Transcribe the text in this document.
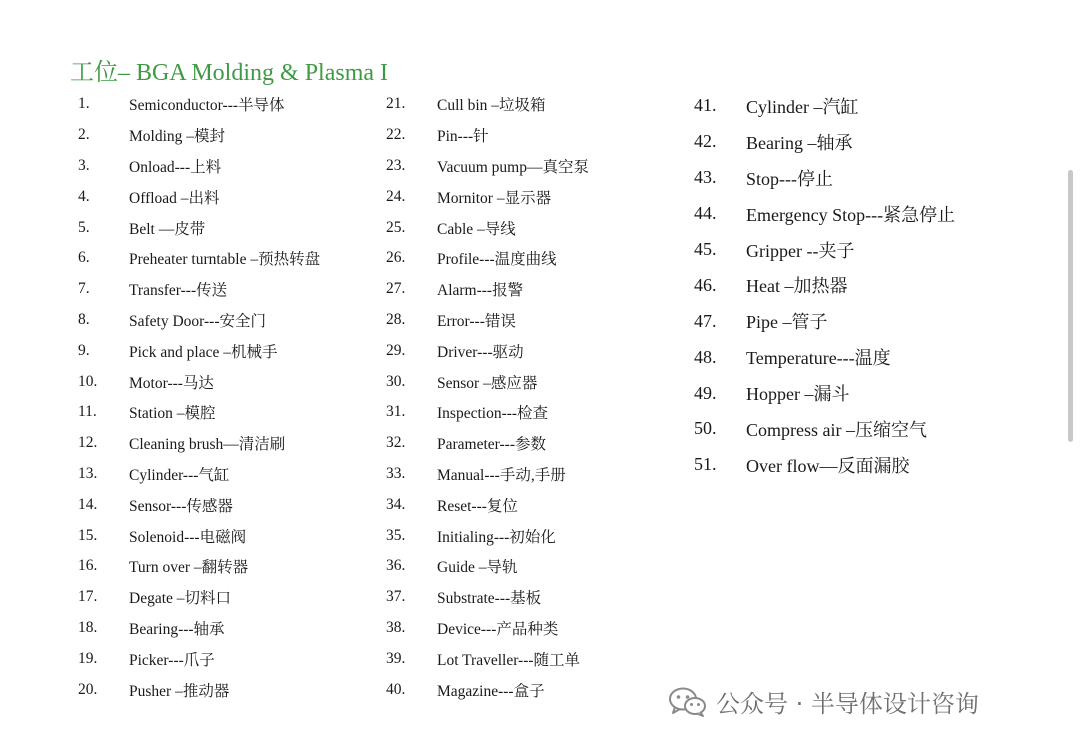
工位– BGA Molding & Plasma I
1.	Semiconductor---半导体
2.	Molding –模封
3.	Onload---上料
4.	Offload –出料
5.	Belt —皮带
6.	Preheater turntable –预热转盘
7.	Transfer---传送
8.	Safety Door---安全门
9.	Pick and place –机械手
10.	Motor---马达
11.	Station –模腔
12.	Cleaning brush—清洁刷
13.	Cylinder---气缸
14.	Sensor---传感器
15.	Solenoid---电磁阀
16.	Turn over –翻转器
17.	Degate –切料口
18.	Bearing---轴承
19.	Picker---爪子
20.	Pusher –推动器
21.	Cull bin –垃圾箱
22.	Pin---针
23.	Vacuum pump—真空泵
24.	Mornitor –显示器
25.	Cable –导线
26.	Profile---温度曲线
27.	Alarm---报警
28.	Error---错误
29.	Driver---驱动
30.	Sensor –感应器
31.	Inspection---检查
32.	Parameter---参数
33.	Manual---手动,手册
34.	Reset---复位
35.	Initialing---初始化
36.	Guide –导轨
37.	Substrate---基板
38.	Device---产品种类
39.	Lot Traveller---随工单
40.	Magazine---盒子
41.	Cylinder –汽缸
42.	Bearing –轴承
43.	Stop---停止
44.	Emergency Stop---紧急停止
45.	Gripper --夹子
46.	Heat –加热器
47.	Pipe –管子
48.	Temperature---温度
49.	Hopper –漏斗
50.	Compress air –压缩空气
51.	Over flow—反面漏胶
公众号 · 半导体设计咨询
